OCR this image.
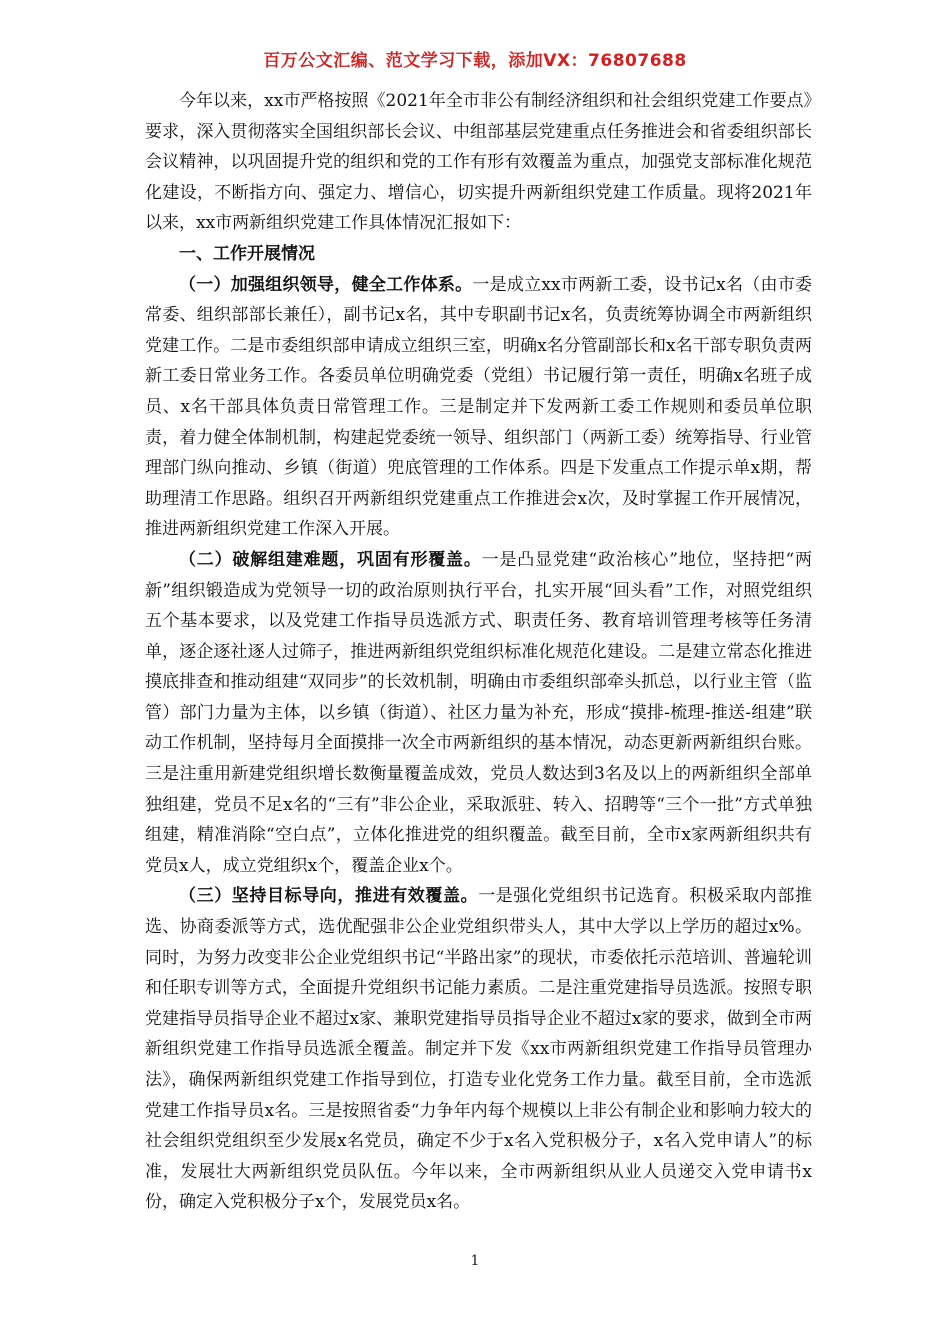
百万公文汇编、范文学习下载，添加VX：76807688

今年以来，xx市严格按照《2021年全市非公有制经济组织和社会组织党建工作要点》要求，深入贯彻落实全国组织部长会议、中组部基层党建重点任务推进会和省委组织部长会议精神，以巩固提升党的组织和党的工作有形有效覆盖为重点，加强党支部标准化规范化建设，不断指方向、强定力、增信心，切实提升两新组织党建工作质量。现将2021年以来，xx市两新组织党建工作具体情况汇报如下：

一、工作开展情况

（一）加强组织领导，健全工作体系。一是成立xx市两新工委，设书记x名（由市委常委、组织部部长兼任），副书记x名，其中专职副书记x名，负责统筹协调全市两新组织党建工作。二是市委组织部申请成立组织三室，明确x名分管副部长和x名干部专职负责两新工委日常业务工作。各委员单位明确党委（党组）书记履行第一责任，明确x名班子成员、x名干部具体负责日常管理工作。三是制定并下发两新工委工作规则和委员单位职责，着力健全体制机制，构建起党委统一领导、组织部门（两新工委）统筹指导、行业管理部门纵向推动、乡镇（街道）兜底管理的工作体系。四是下发重点工作提示单x期，帮助理清工作思路。组织召开两新组织党建重点工作推进会x次，及时掌握工作开展情况，推进两新组织党建工作深入开展。

（二）破解组建难题，巩固有形覆盖。一是凸显党建“政治核心”地位，坚持把“两新”组织锻造成为党领导一切的政治原则执行平台，扎实开展“回头看”工作，对照党组织五个基本要求，以及党建工作指导员选派方式、职责任务、教育培训管理考核等任务清单，逐企逐社逐人过筛子，推进两新组织党组织标准化规范化建设。二是建立常态化推进摸底排查和推动组建“双同步”的长效机制，明确由市委组织部牵头抓总，以行业主管（监管）部门力量为主体，以乡镇（街道）、社区力量为补充，形成“摸排-梳理-推送-组建”联动工作机制，坚持每月全面摸排一次全市两新组织的基本情况，动态更新两新组织台账。三是注重用新建党组织增长数衡量覆盖成效，党员人数达到3名及以上的两新组织全部单独组建，党员不足x名的“三有”非公企业，采取派驻、转入、招聘等“三个一批”方式单独组建，精准消除“空白点”，立体化推进党的组织覆盖。截至目前，全市x家两新组织共有党员x人，成立党组织x个，覆盖企业x个。

（三）坚持目标导向，推进有效覆盖。一是强化党组织书记选育。积极采取内部推选、协商委派等方式，选优配强非公企业党组织带头人，其中大学以上学历的超过x%。同时，为努力改变非公企业党组织书记“半路出家”的现状，市委依托示范培训、普遍轮训和任职专训等方式，全面提升党组织书记能力素质。二是注重党建指导员选派。按照专职党建指导员指导企业不超过x家、兼职党建指导员指导企业不超过x家的要求，做到全市两新组织党建工作指导员选派全覆盖。制定并下发《xx市两新组织党建工作指导员管理办法》，确保两新组织党建工作指导到位，打造专业化党务工作力量。截至目前，全市选派党建工作指导员x名。三是按照省委“力争年内每个规模以上非公有制企业和影响力较大的社会组织党组织至少发展x名党员，确定不少于x名入党积极分子，x名入党申请人”的标准，发展壮大两新组织党员队伍。今年以来，全市两新组织从业人员递交入党申请书x份，确定入党积极分子x个，发展党员x名。

1
